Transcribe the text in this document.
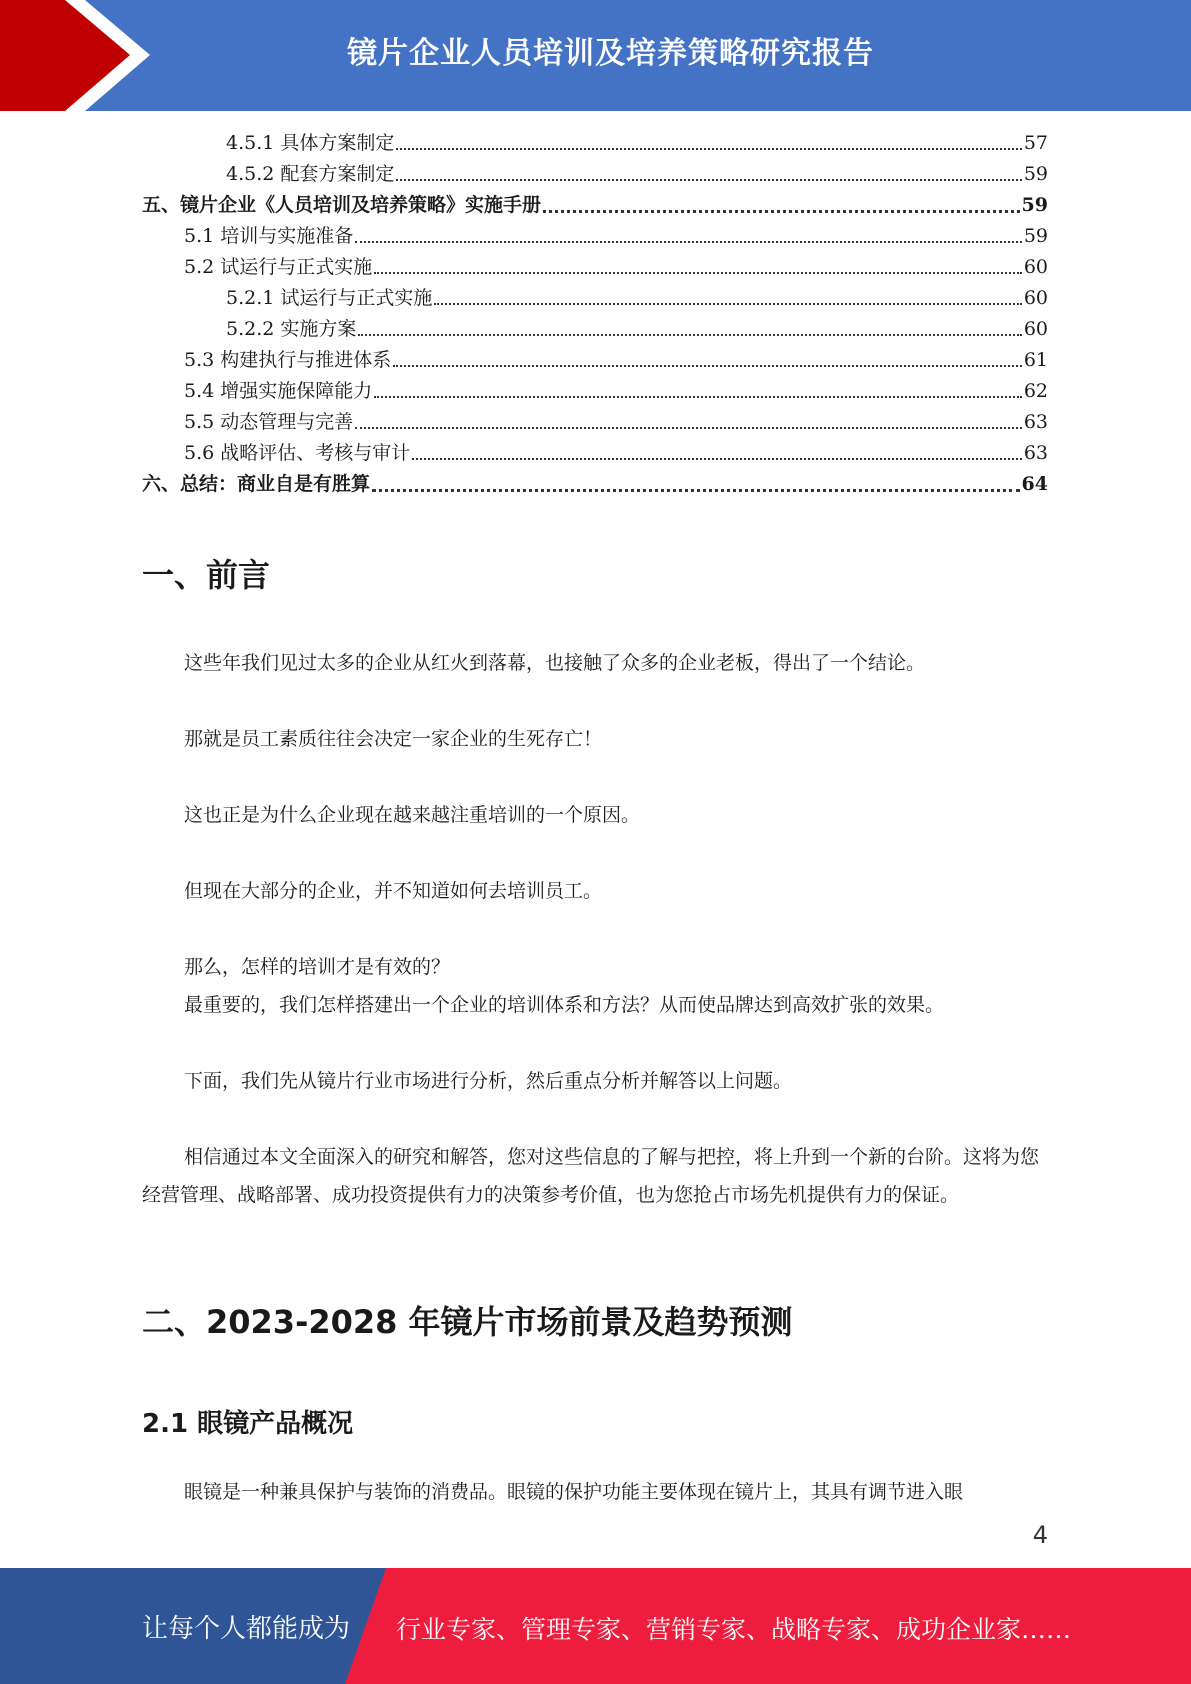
镜片企业人员培训及培养策略研究报告
4.5.1 具体方案制定	57
4.5.2 配套方案制定	59
五、镜片企业《人员培训及培养策略》实施手册	59
5.1 培训与实施准备	59
5.2 试运行与正式实施	60
5.2.1 试运行与正式实施	60
5.2.2 实施方案	60
5.3 构建执行与推进体系	61
5.4 增强实施保障能力	62
5.5 动态管理与完善	63
5.6 战略评估、考核与审计	63
六、总结：商业自是有胜算	64
一、前言

这些年我们见过太多的企业从红火到落幕，也接触了众多的企业老板，得出了一个结论。

那就是员工素质往往会决定一家企业的生死存亡！

这也正是为什么企业现在越来越注重培训的一个原因。

但现在大部分的企业，并不知道如何去培训员工。

那么，怎样的培训才是有效的？

最重要的，我们怎样搭建出一个企业的培训体系和方法？从而使品牌达到高效扩张的效果。

下面，我们先从镜片行业市场进行分析，然后重点分析并解答以上问题。

相信通过本文全面深入的研究和解答，您对这些信息的了解与把控，将上升到一个新的台阶。这将为您经营管理、战略部署、成功投资提供有力的决策参考价值，也为您抢占市场先机提供有力的保证。

二、2023-2028 年镜片市场前景及趋势预测
2.1 眼镜产品概况

眼镜是一种兼具保护与装饰的消费品。眼镜的保护功能主要体现在镜片上，其具有调节进入眼

4
让每个人都能成为 行业专家、管理专家、营销专家、战略专家、成功企业家……
